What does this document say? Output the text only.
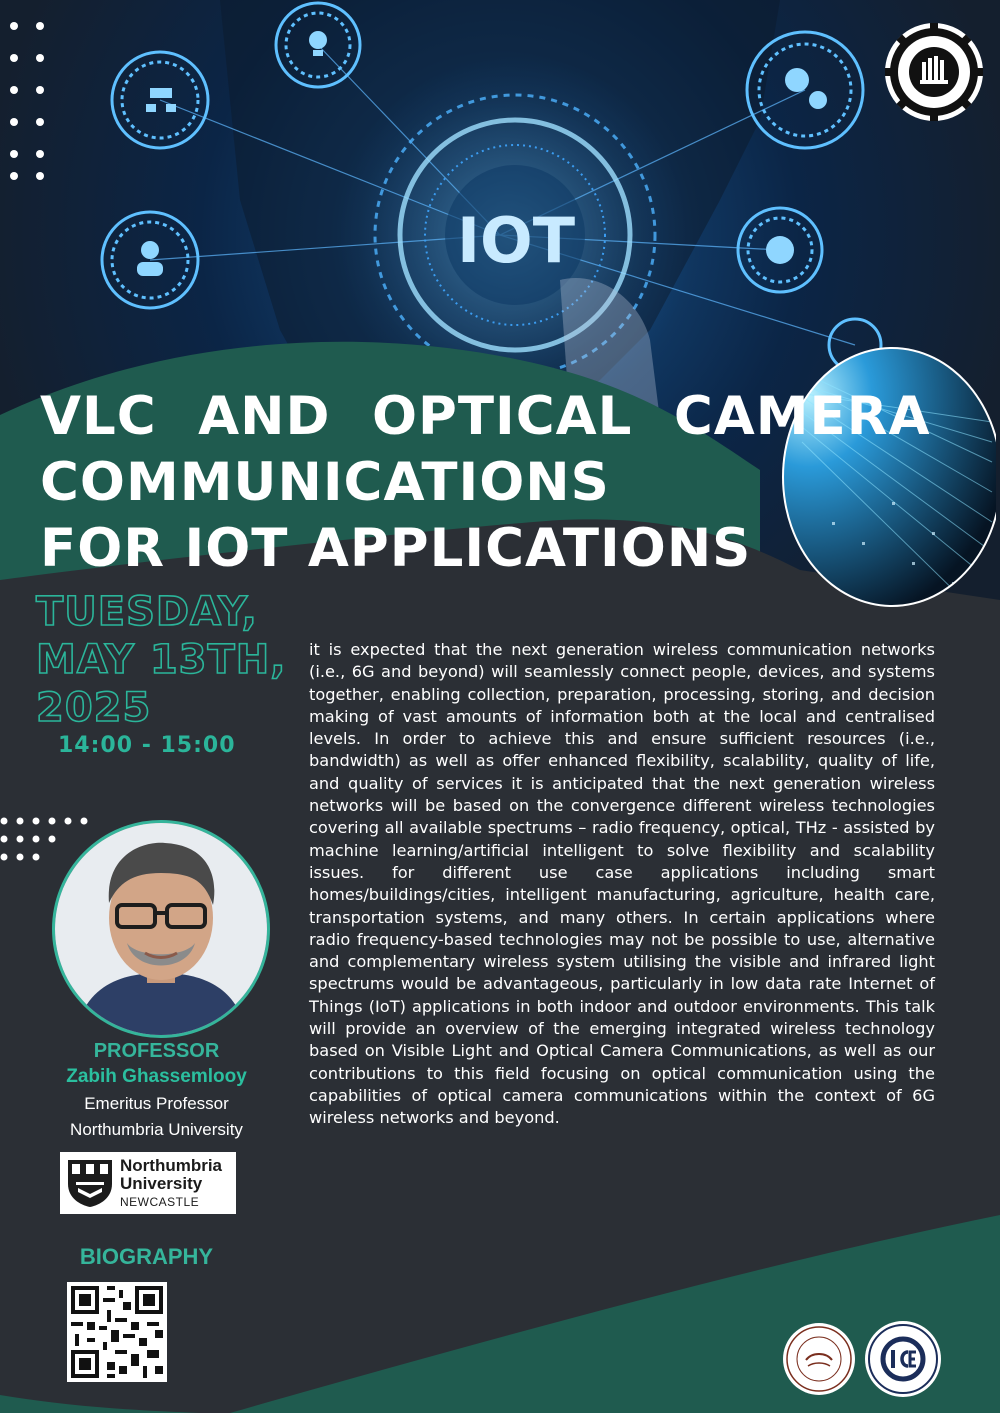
IOT
VLC AND OPTICAL CAMERA
COMMUNICATIONS
FOR IOT APPLICATIONS
TUESDAY,
MAY 13TH,
2025
14:00 - 15:00
PROFESSOR
Zabih Ghassemlooy
Emeritus Professor
Northumbria University
Northumbria
University
NEWCASTLE
BIOGRAPHY

it is expected that the next generation wireless communication networks (i.e., 6G and beyond) will seamlessly connect people, devices, and systems together, enabling collection, preparation, processing, storing, and decision making of vast amounts of information both at the local and centralised levels. In order to achieve this and ensure sufficient resources (i.e., bandwidth) as well as offer enhanced flexibility, scalability, quality of life, and quality of services it is anticipated that the next generation wireless networks will be based on the convergence different wireless technologies covering all available spectrums – radio frequency, optical, THz - assisted by machine learning/artificial intelligent to solve flexibility and scalability issues. for different use case applications including smart homes/buildings/cities, intelligent manufacturing, agriculture, health care, transportation systems, and many others. In certain applications where radio frequency-based technologies may not be possible to use, alternative and complementary wireless system utilising the visible and infrared light spectrums would be advantageous, particularly in low data rate Internet of Things (IoT) applications in both indoor and outdoor environments. This talk will provide an overview of the emerging integrated wireless technology based on Visible Light and Optical Camera Communications, as well as our contributions to this field focusing on optical communication using the capabilities of optical camera communications within the context of 6G wireless networks and beyond.
